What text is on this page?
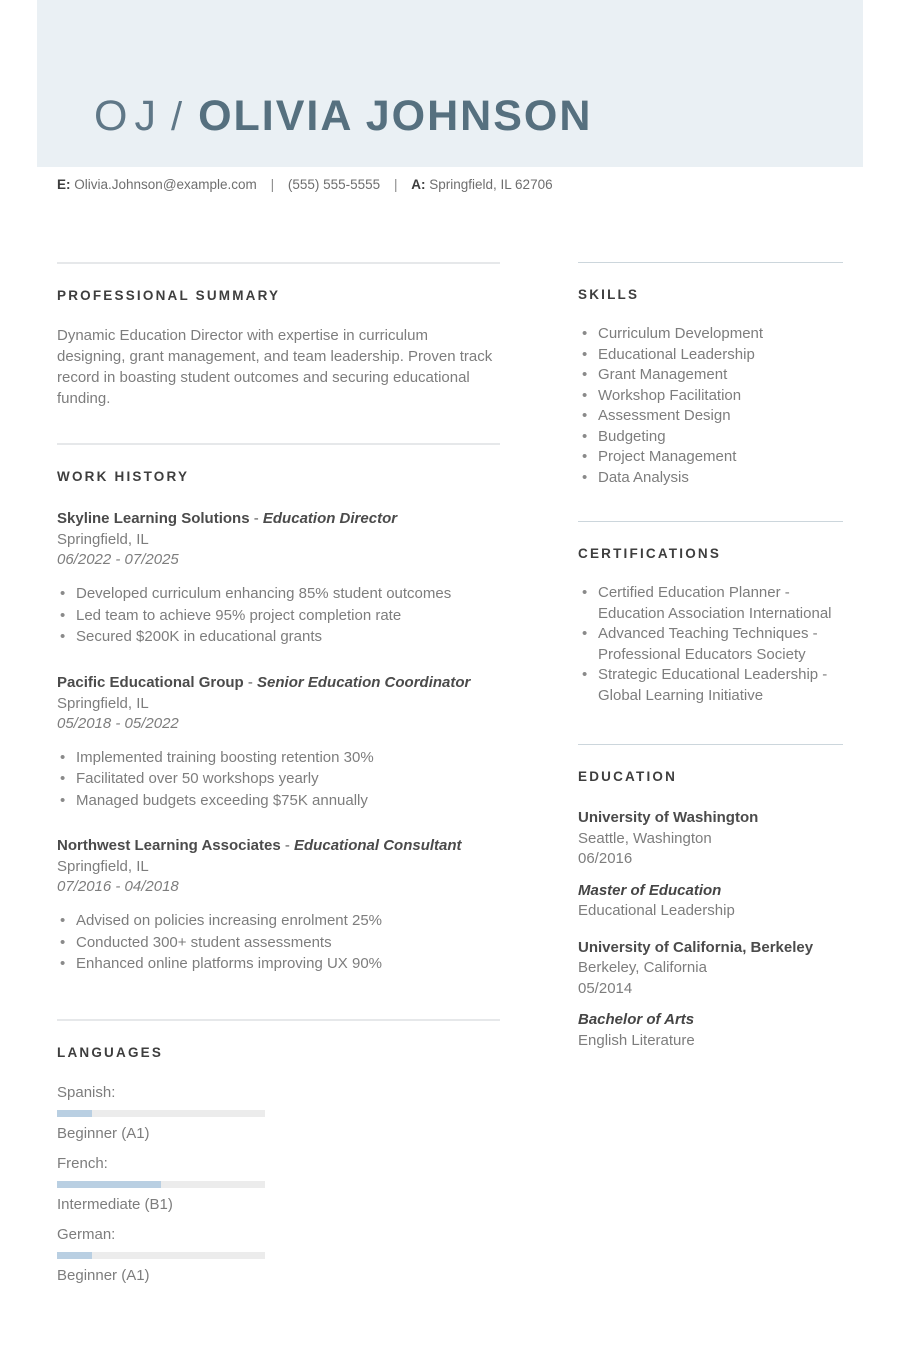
OJ / OLIVIA JOHNSON
E: Olivia.Johnson@example.com | (555) 555-5555 | A: Springfield, IL 62706
PROFESSIONAL SUMMARY
Dynamic Education Director with expertise in curriculum designing, grant management, and team leadership. Proven track record in boasting student outcomes and securing educational funding.
WORK HISTORY
Skyline Learning Solutions - Education Director
Springfield, IL
06/2022 - 07/2025
• Developed curriculum enhancing 85% student outcomes
• Led team to achieve 95% project completion rate
• Secured $200K in educational grants
Pacific Educational Group - Senior Education Coordinator
Springfield, IL
05/2018 - 05/2022
• Implemented training boosting retention 30%
• Facilitated over 50 workshops yearly
• Managed budgets exceeding $75K annually
Northwest Learning Associates - Educational Consultant
Springfield, IL
07/2016 - 04/2018
• Advised on policies increasing enrolment 25%
• Conducted 300+ student assessments
• Enhanced online platforms improving UX 90%
LANGUAGES
Spanish:
Beginner (A1)
French:
Intermediate (B1)
German:
Beginner (A1)
SKILLS
• Curriculum Development
• Educational Leadership
• Grant Management
• Workshop Facilitation
• Assessment Design
• Budgeting
• Project Management
• Data Analysis
CERTIFICATIONS
• Certified Education Planner -
Education Association International
• Advanced Teaching Techniques -
Professional Educators Society
• Strategic Educational Leadership -
Global Learning Initiative
EDUCATION
University of Washington
Seattle, Washington
06/2016
Master of Education
Educational Leadership
University of California, Berkeley
Berkeley, California
05/2014
Bachelor of Arts
English Literature
